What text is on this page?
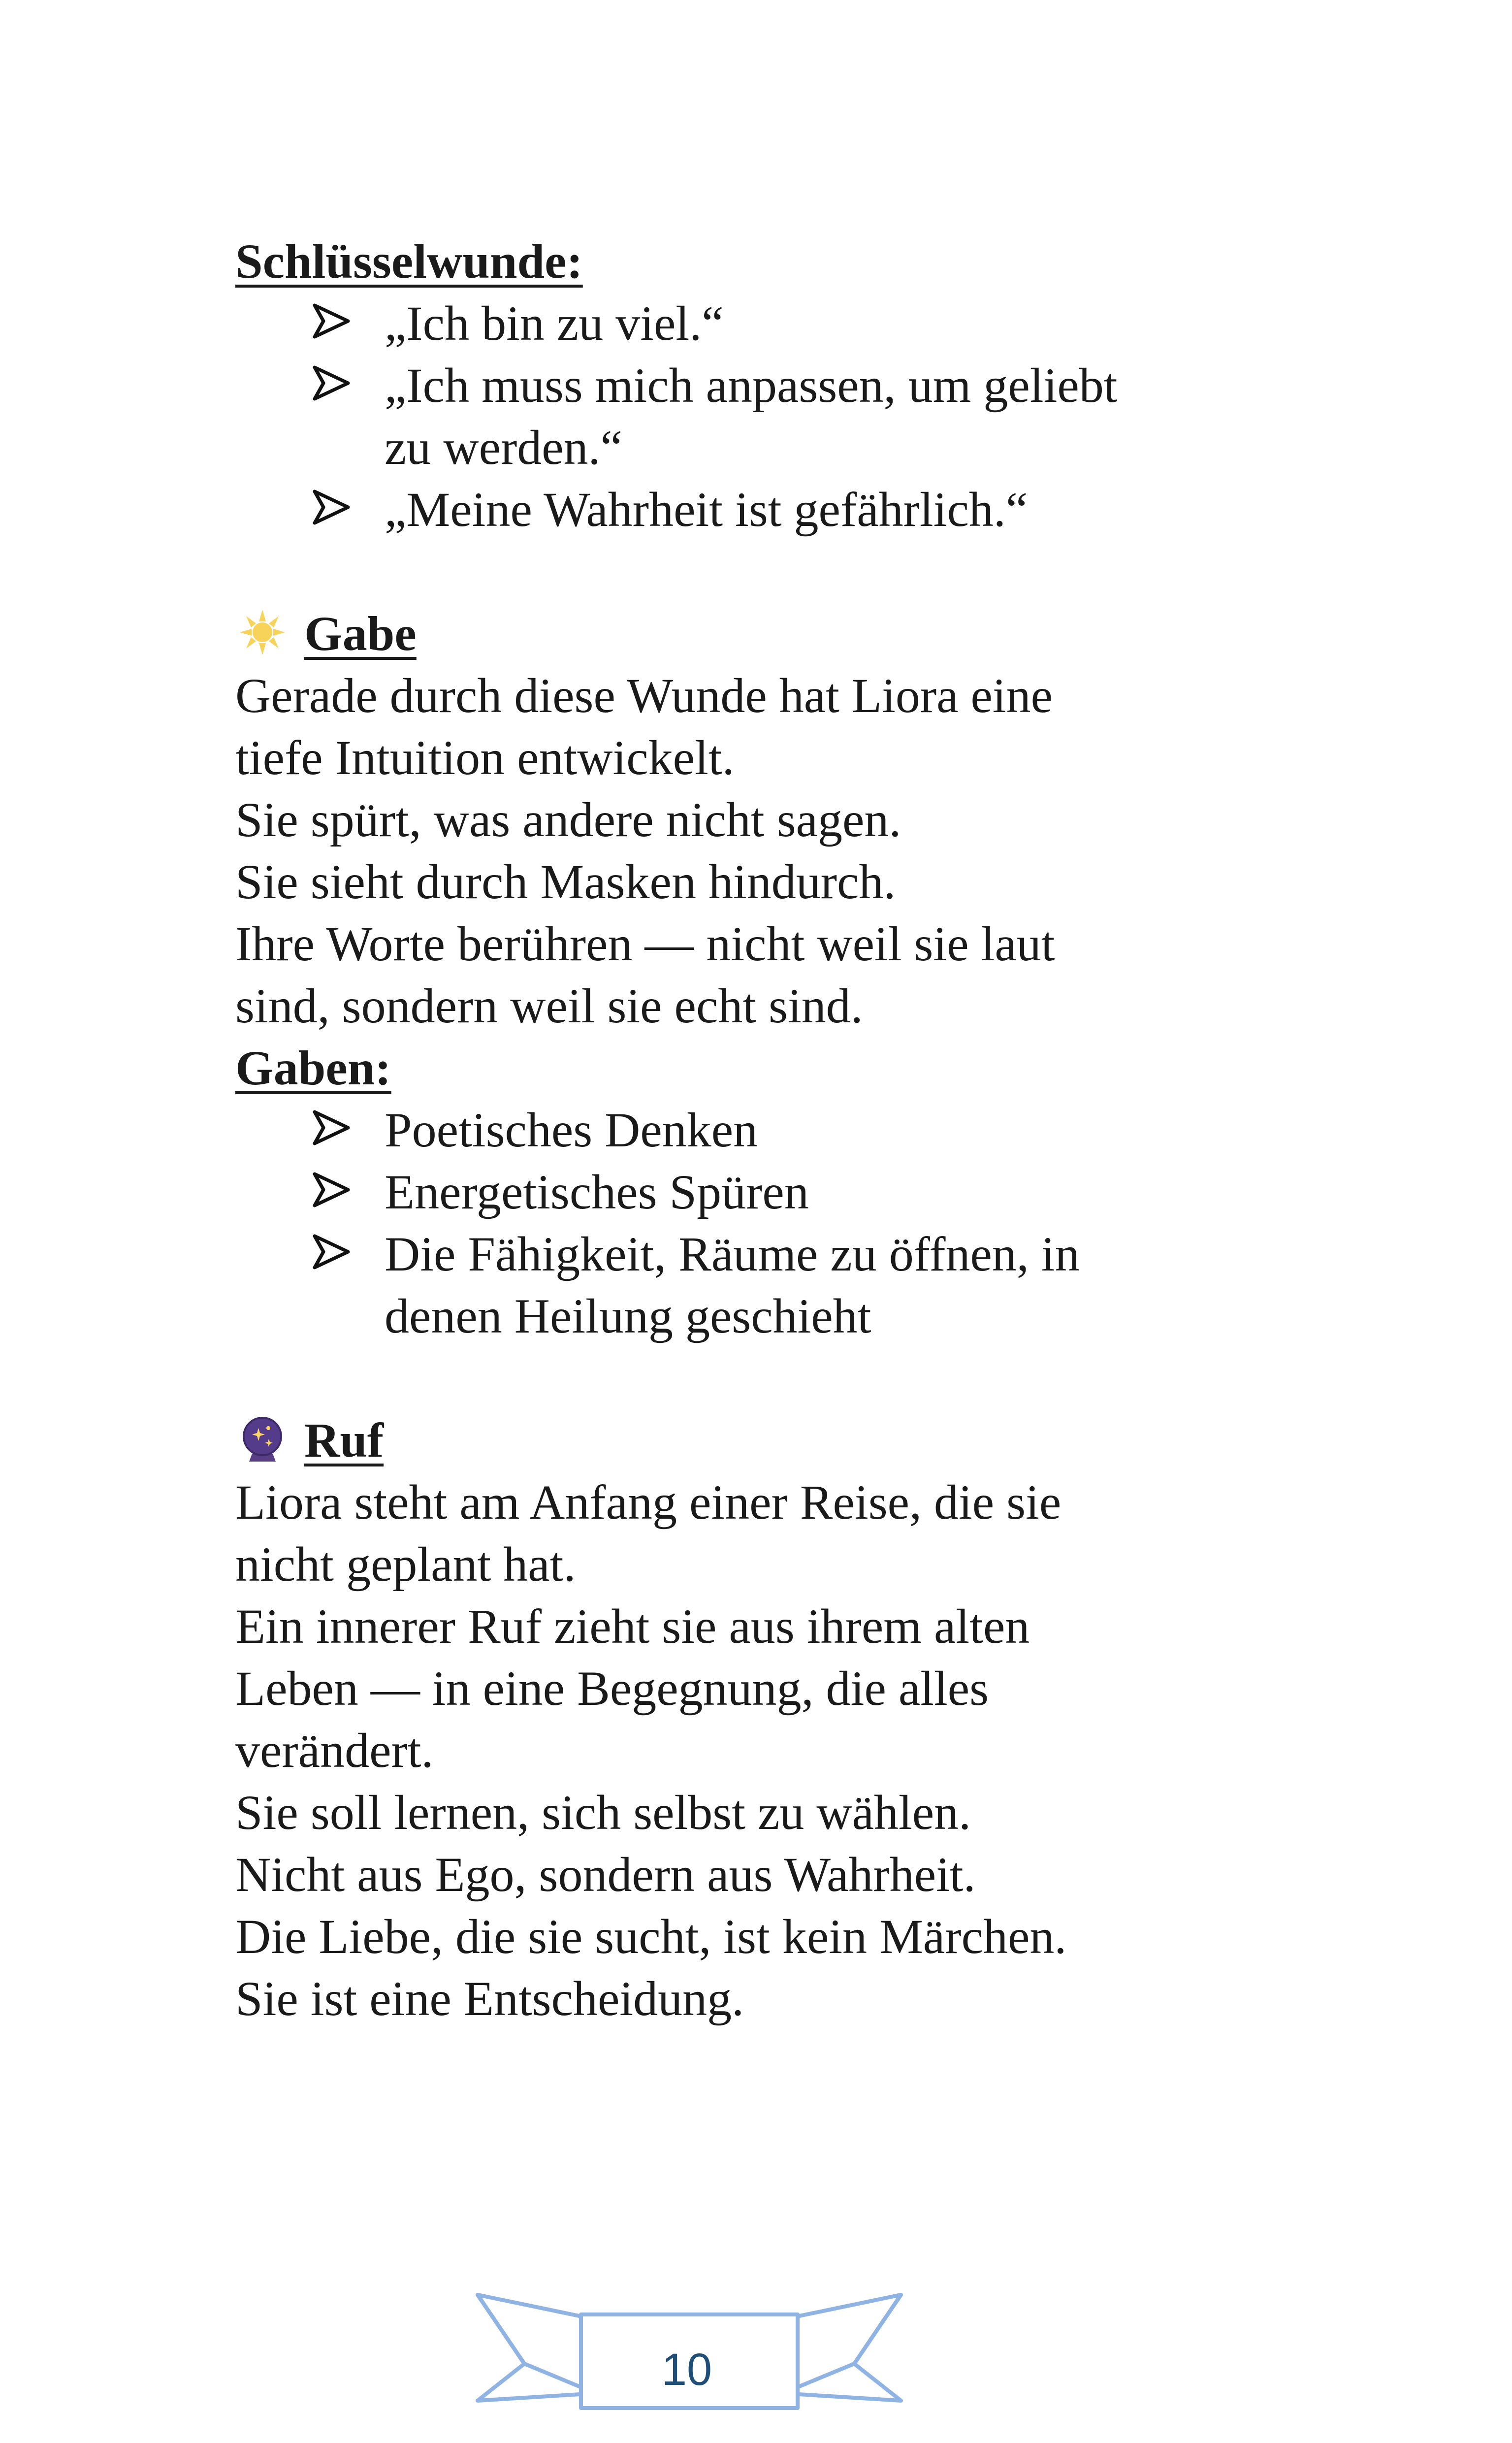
Schlüsselwunde:
„Ich bin zu viel.“
„Ich muss mich anpassen, um geliebt
zu werden.“
„Meine Wahrheit ist gefährlich.“
Gabe
Gerade durch diese Wunde hat Liora eine
tiefe Intuition entwickelt.
Sie spürt, was andere nicht sagen.
Sie sieht durch Masken hindurch.
Ihre Worte berühren — nicht weil sie laut
sind, sondern weil sie echt sind.
Gaben:
Poetisches Denken
Energetisches Spüren
Die Fähigkeit, Räume zu öffnen, in
denen Heilung geschieht
Ruf
Liora steht am Anfang einer Reise, die sie
nicht geplant hat.
Ein innerer Ruf zieht sie aus ihrem alten
Leben — in eine Begegnung, die alles
verändert.
Sie soll lernen, sich selbst zu wählen.
Nicht aus Ego, sondern aus Wahrheit.
Die Liebe, die sie sucht, ist kein Märchen.
Sie ist eine Entscheidung.
10
